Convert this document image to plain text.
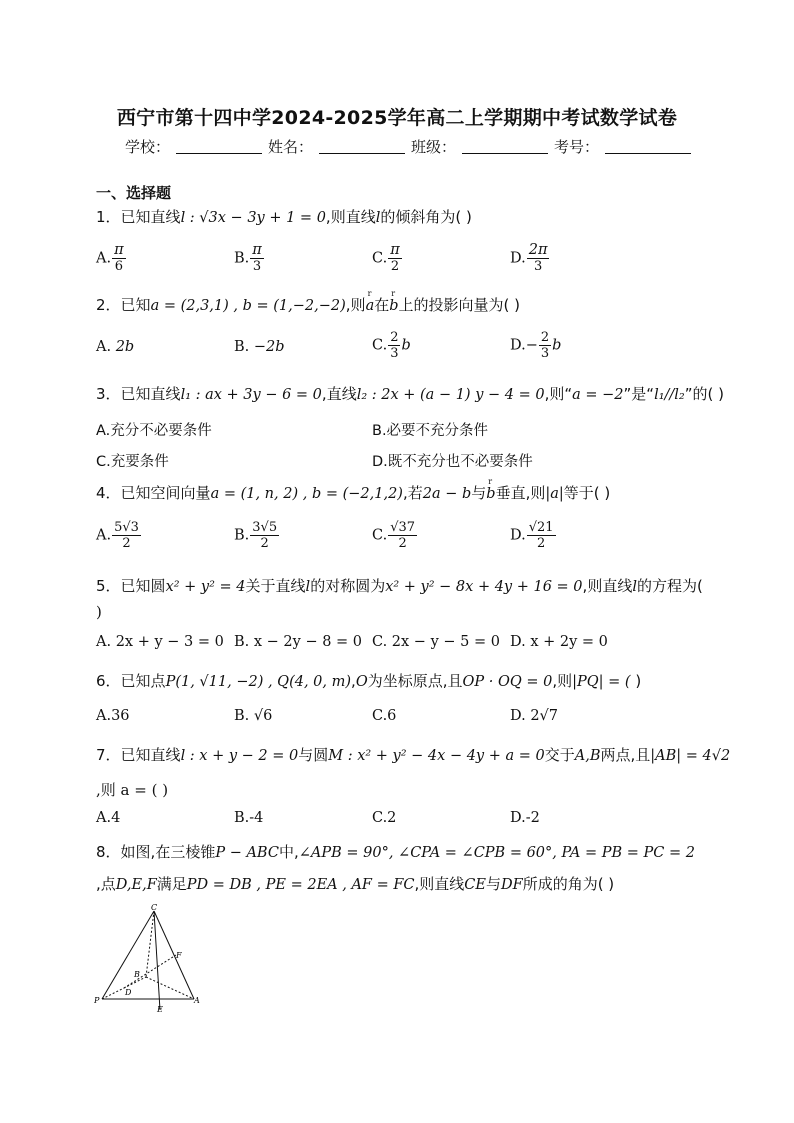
西宁市第十四中学2024-2025学年高二上学期期中考试数学试卷
学校：	姓名：	班级：	考号：
一、选择题
1．已知直线l : √3x − 3y + 1 = 0,则直线l的倾斜角为( )
A. $\frac{\pi}{6}$	B. $\frac{\pi}{3}$	C. $\frac{\pi}{2}$	D. $\frac{2\pi}{3}$
2．已知a = (2,3,1) , b = (1,−2,−2),则r a在r b上的投影向量为( )
A. 2b	B. −2b	C. $\frac{2}{3}$ b	$D.- \frac{2}{3}$ b
3．已知直线l₁ : ax + 3y − 6 = 0,直线l₂ : 2x + (a − 1) y − 4 = 0,则“a = −2”是“l₁//l₂”的( )
A.充分不必要条件	B.必要不充分条件
C.充要条件	D.既不充分也不必要条件
4．已知空间向量a = (1, n, 2) , b = (−2,1,2),若2a − b与r b垂直,则|a|等于( )
A. $\frac{5√3}{2}$	B. $\frac{3√5}{2}$	C. $\frac{√37}{2}$	D. $\frac{√21}{2}$
5．已知圆x² + y² = 4关于直线l的对称圆为x² + y² − 8x + 4y + 16 = 0,则直线l的方程为(
)
A. 2x + y − 3 = 0 B. x − 2y − 8 = 0 C. 2x − y − 5 = 0 D. x + 2y = 0
6．已知点P(1, √11, −2) , Q(4, 0, m),O为坐标原点,且OP · OQ = 0,则|PQ| = ( )
A.36	B. √6	C.6	D. 2√7
7．已知直线l : x + y − 2 = 0与圆M : x² + y² − 4x − 4y + a = 0交于A,B两点,且|AB| = 4√2
,则 a = ( )
A.4	B.-4	C.2	D.-2
8．如图,在三棱锥P − ABC中,∠APB = 90°, ∠CPA = ∠CPB = 60°, PA = PB = PC = 2
,点D,E,F满足PD = DB , PE = 2EA , AF = FC,则直线CE与DF所成的角为( )
C
F
B
D
P
E
A
